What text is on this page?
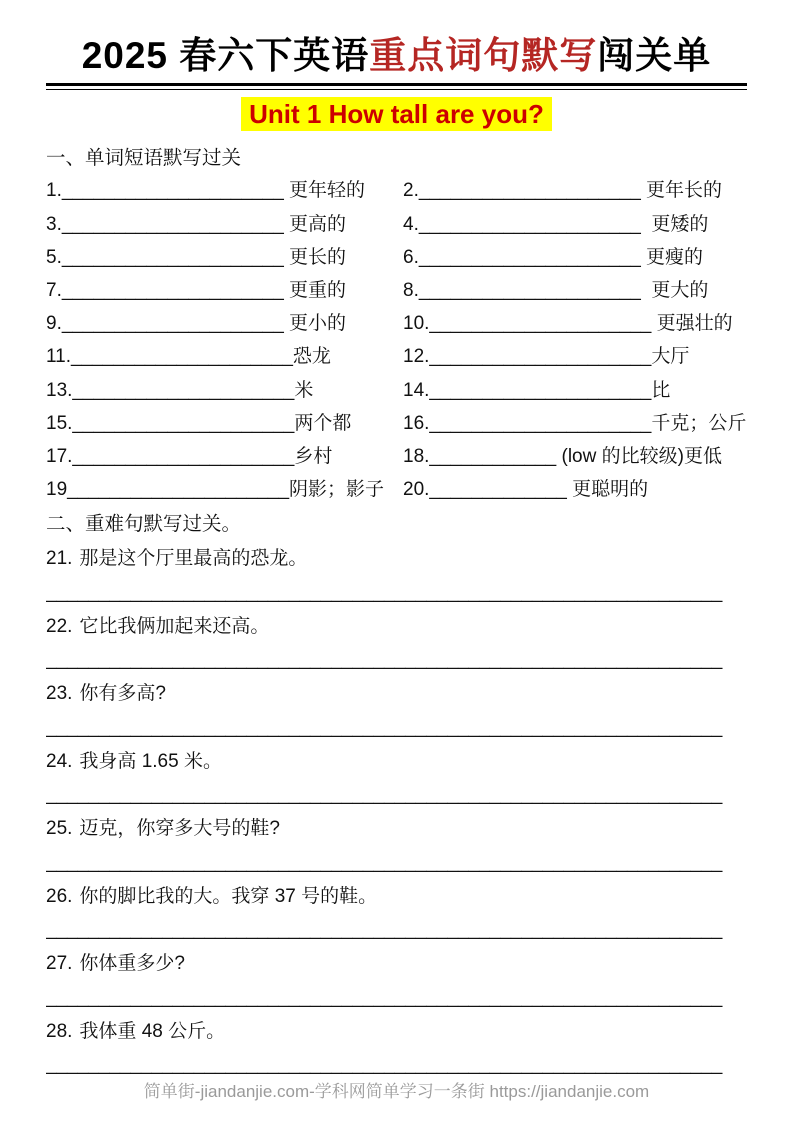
2025 春六下英语重点词句默写闯关单
Unit 1 How tall are you?
一、单词短语默写过关
1._____________________ 更年轻的	2._____________________ 更年长的
3._____________________ 更高的	4._____________________  更矮的
5._____________________ 更长的	6._____________________ 更瘦的
7._____________________ 更重的	8._____________________  更大的
9._____________________ 更小的	10._____________________ 更强壮的
11._____________________恐龙	12._____________________大厅
13._____________________米	14._____________________比
15._____________________两个都	16._____________________千克；公斤
17._____________________乡村	18.____________ (low 的比较级)更低
19_____________________阴影；影子 20._____________ 更聪明的
二、重难句默写过关。
21. 那是这个厅里最高的恐龙。
________________________________________________________________
22. 它比我俩加起来还高。
________________________________________________________________
23. 你有多高?
________________________________________________________________
24. 我身高 1.65 米。
________________________________________________________________
25. 迈克，你穿多大号的鞋?
________________________________________________________________
26. 你的脚比我的大。我穿 37 号的鞋。
________________________________________________________________
27. 你体重多少?
________________________________________________________________
28. 我体重 48 公斤。
________________________________________________________________
简单街-jiandanjie.com-学科网简单学习一条街 https://jiandanjie.com
